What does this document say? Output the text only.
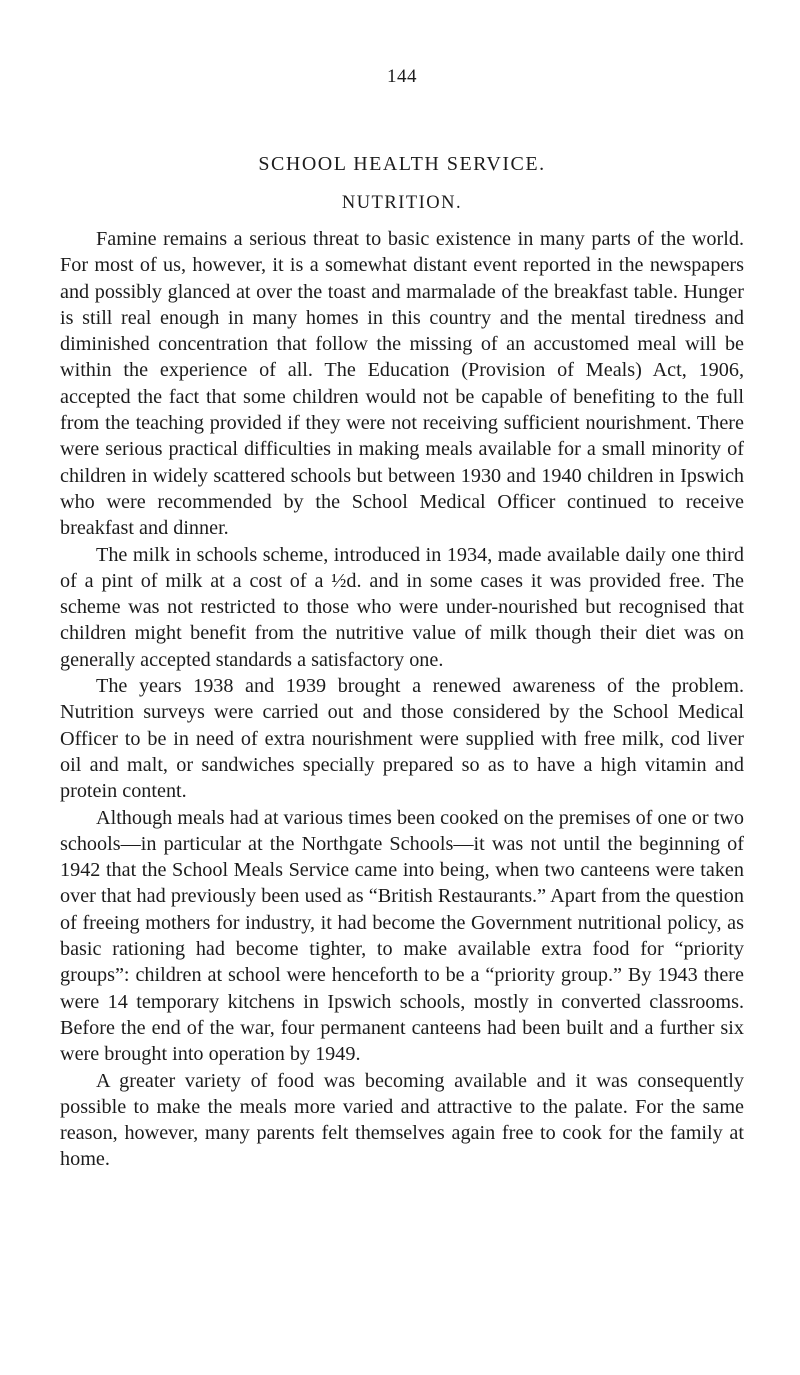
144
SCHOOL HEALTH SERVICE.
NUTRITION.

Famine remains a serious threat to basic existence in many parts of the world. For most of us, however, it is a somewhat distant event reported in the newspapers and possibly glanced at over the toast and marmalade of the breakfast table. Hunger is still real enough in many homes in this country and the mental tiredness and diminished concentration that follow the missing of an accustomed meal will be within the experience of all. The Education (Provision of Meals) Act, 1906, accepted the fact that some children would not be capable of benefiting to the full from the teaching provided if they were not receiving sufficient nourishment. There were serious practical difficulties in making meals available for a small minority of children in widely scattered schools but between 1930 and 1940 children in Ipswich who were recommended by the School Medical Officer continued to receive breakfast and dinner.

The milk in schools scheme, introduced in 1934, made available daily one third of a pint of milk at a cost of a ½d. and in some cases it was provided free. The scheme was not restricted to those who were under-nourished but recognised that children might benefit from the nutritive value of milk though their diet was on generally accepted standards a satisfactory one.

The years 1938 and 1939 brought a renewed awareness of the problem. Nutrition surveys were carried out and those considered by the School Medical Officer to be in need of extra nourishment were supplied with free milk, cod liver oil and malt, or sandwiches specially prepared so as to have a high vitamin and protein content.

Although meals had at various times been cooked on the premises of one or two schools—in particular at the Northgate Schools—it was not until the beginning of 1942 that the School Meals Service came into being, when two canteens were taken over that had previously been used as “British Restaurants.” Apart from the question of freeing mothers for industry, it had become the Government nutritional policy, as basic rationing had become tighter, to make available extra food for “priority groups”: children at school were henceforth to be a “priority group.” By 1943 there were 14 temporary kitchens in Ipswich schools, mostly in converted classrooms. Before the end of the war, four permanent canteens had been built and a further six were brought into operation by 1949.

A greater variety of food was becoming available and it was consequently possible to make the meals more varied and attractive to the palate. For the same reason, however, many parents felt themselves again free to cook for the family at home.
